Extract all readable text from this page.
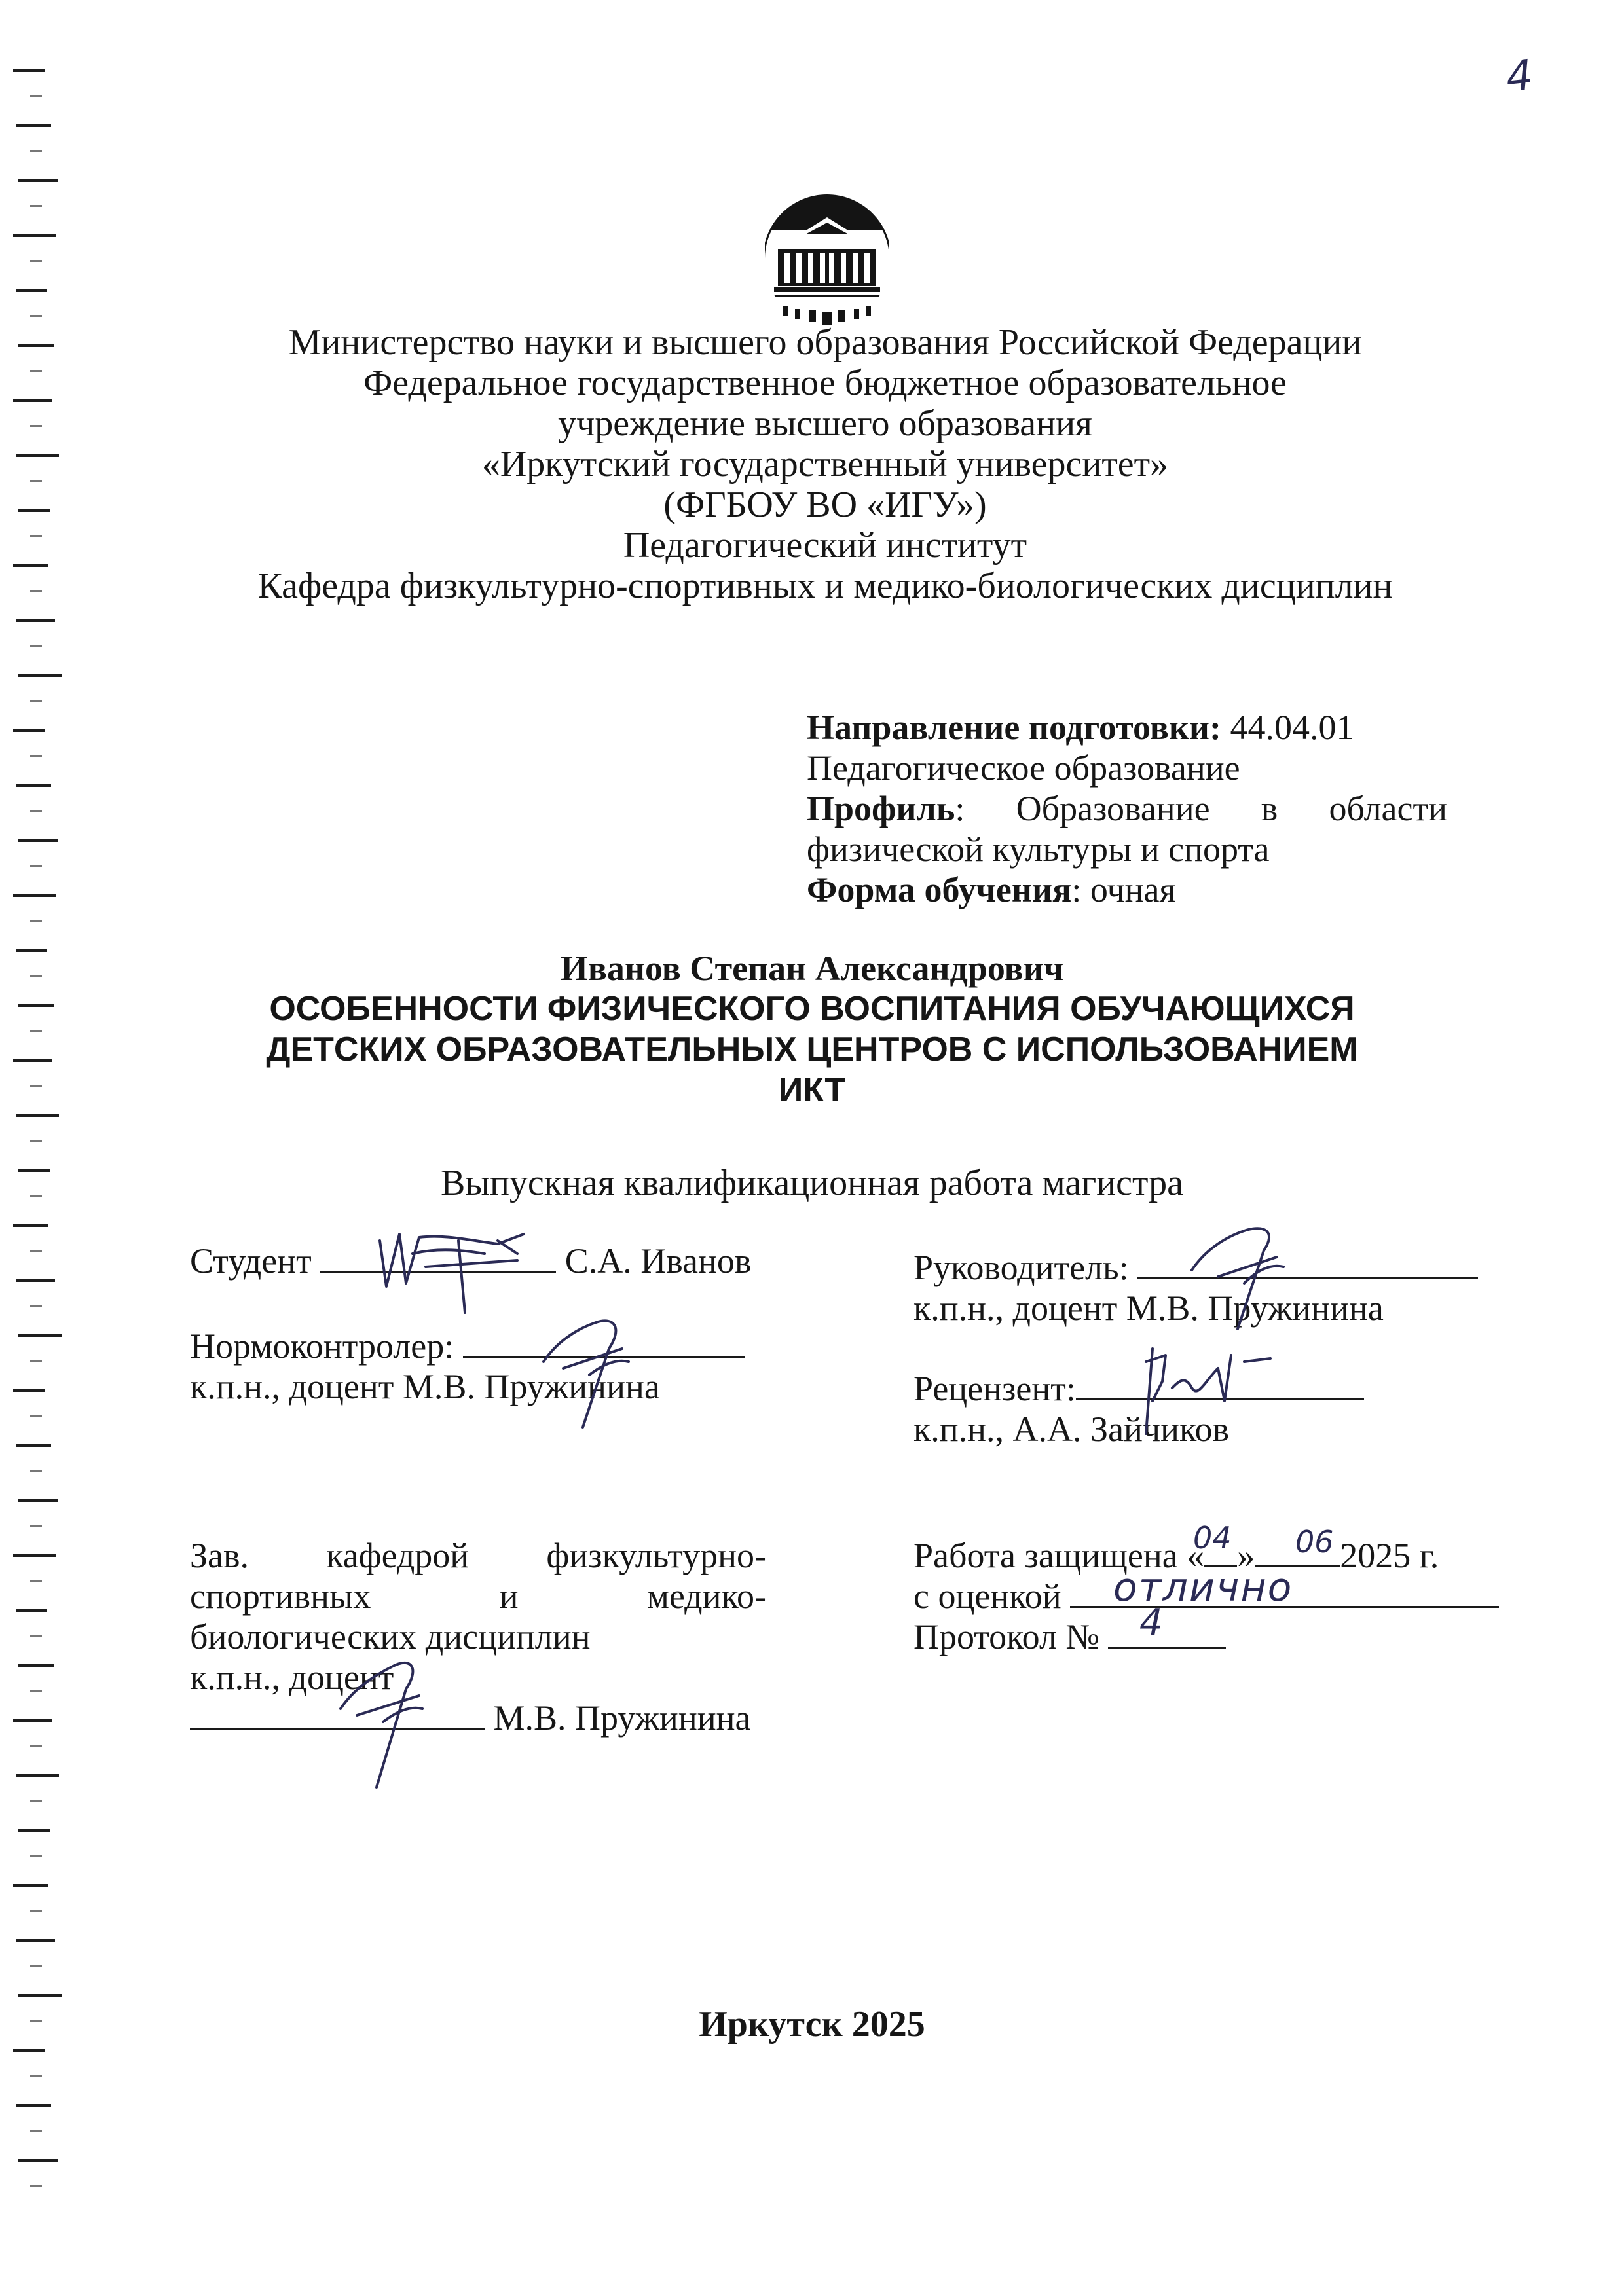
4
Министерство науки и высшего образования Российской Федерации
Федеральное государственное бюджетное образовательное
учреждение высшего образования
«Иркутский государственный университет»
(ФГБОУ ВО «ИГУ»)
Педагогический институт
Кафедра физкультурно-спортивных и медико-биологических дисциплин
Направление подготовки: 44.04.01
Педагогическое образование
Профиль: Образование в области
физической культуры и спорта
Форма обучения: очная
Иванов Степан Александрович
ОСОБЕННОСТИ ФИЗИЧЕСКОГО ВОСПИТАНИЯ ОБУЧАЮЩИХСЯ
ДЕТСКИХ ОБРАЗОВАТЕЛЬНЫХ ЦЕНТРОВ С ИСПОЛЬЗОВАНИЕМ
ИКТ
Выпускная квалификационная работа магистра
Студент	С.А. Иванов
Нормоконтролер:
к.п.н., доцент М.В. Пружинина
Руководитель:
к.п.н., доцент М.В. Пружинина
Рецензент:
к.п.н., А.А. Зайчиков
Зав. кафедрой физкультурно-
спортивных	и	медико-
биологических дисциплин
к.п.н., доцент
М.В. Пружинина
Работа защищена « » 2025 г.
с оценкой
Протокол №
04 06
отлично
4
Иркутск 2025
